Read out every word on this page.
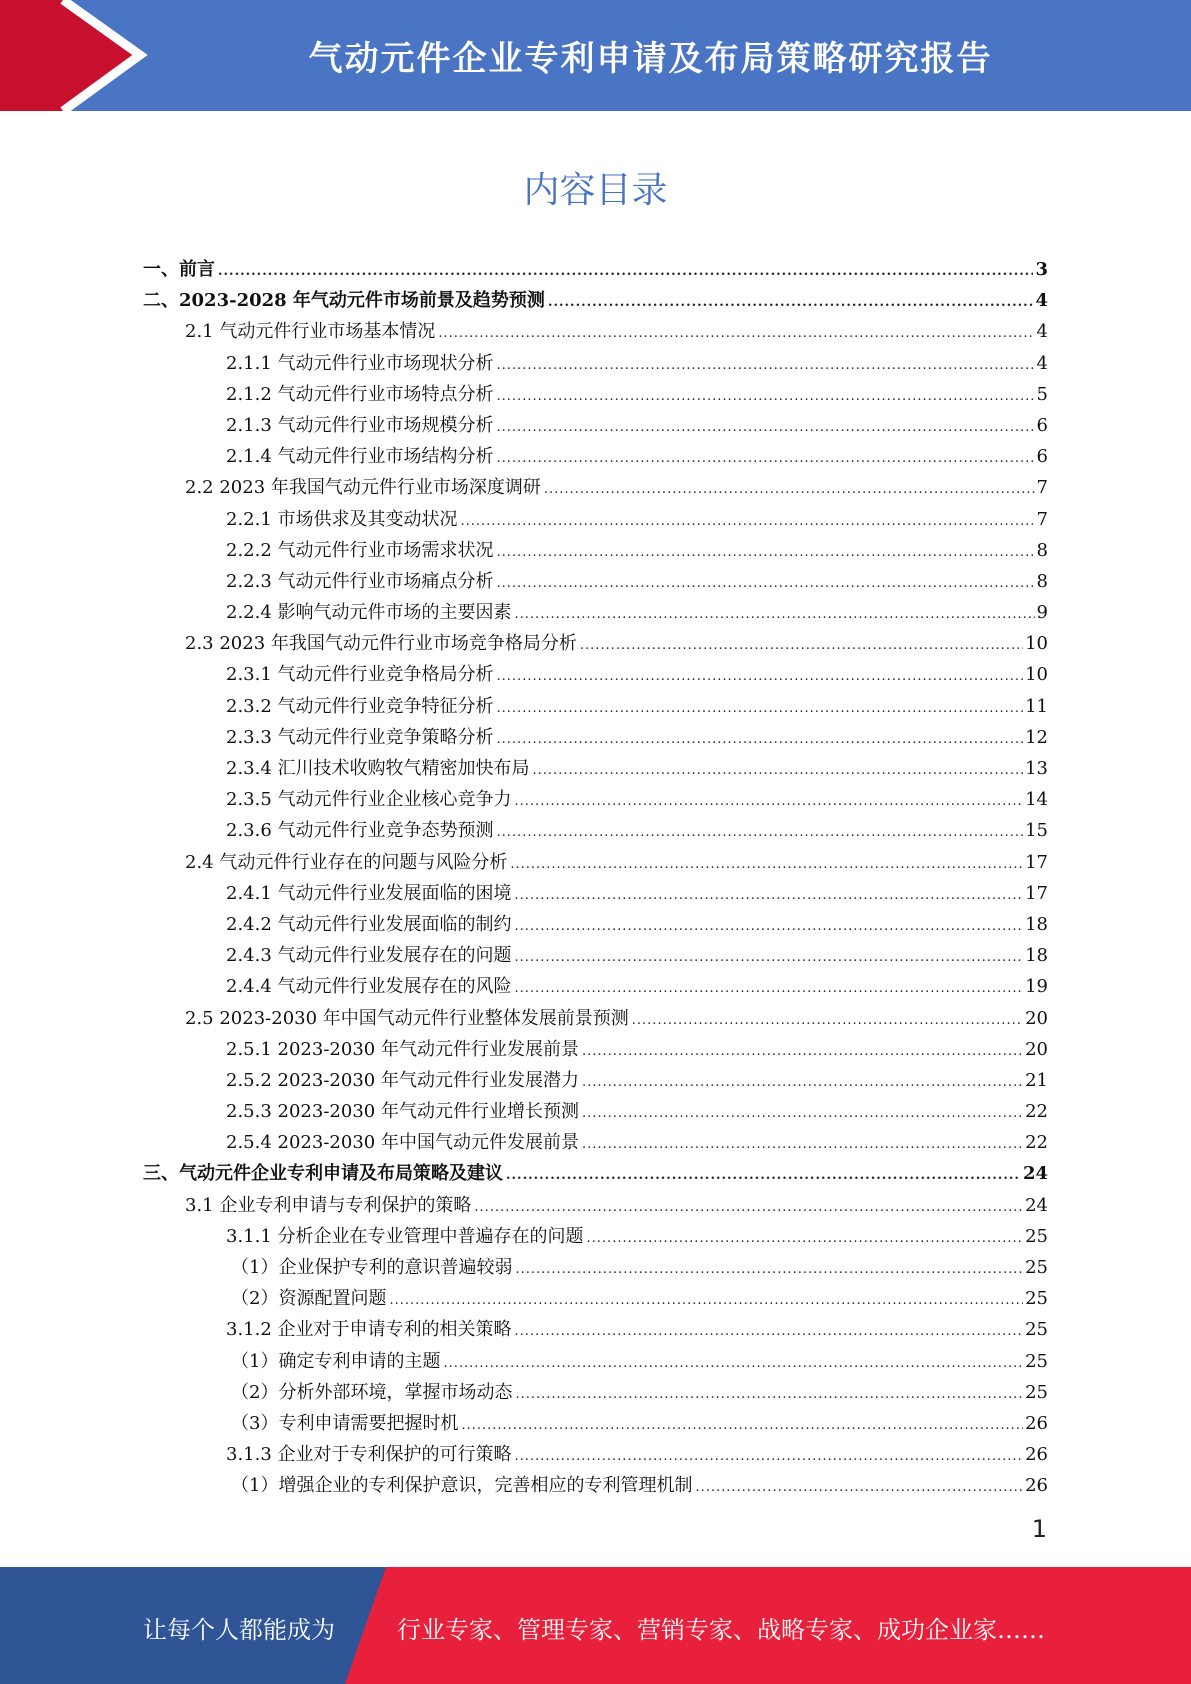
气动元件企业专利申请及布局策略研究报告
内容目录
一、前言 .....	3
二、2023-2028 年气动元件市场前景及趋势预测 .....	4
2.1 气动元件行业市场基本情况 .....	4
2.1.1 气动元件行业市场现状分析 .....	4
2.1.2 气动元件行业市场特点分析 .....	5
2.1.3 气动元件行业市场规模分析 .....	6
2.1.4 气动元件行业市场结构分析 .....	6
2.2 2023 年我国气动元件行业市场深度调研 .....	7
2.2.1 市场供求及其变动状况 .....	7
2.2.2 气动元件行业市场需求状况 .....	8
2.2.3 气动元件行业市场痛点分析 .....	8
2.2.4 影响气动元件市场的主要因素 .....	9
2.3 2023 年我国气动元件行业市场竞争格局分析 .....	10
2.3.1 气动元件行业竞争格局分析 .....	10
2.3.2 气动元件行业竞争特征分析 .....	11
2.3.3 气动元件行业竞争策略分析 .....	12
2.3.4 汇川技术收购牧气精密加快布局 .....	13
2.3.5 气动元件行业企业核心竞争力 .....	14
2.3.6 气动元件行业竞争态势预测 .....	15
2.4 气动元件行业存在的问题与风险分析 .....	17
2.4.1 气动元件行业发展面临的困境 .....	17
2.4.2 气动元件行业发展面临的制约 .....	18
2.4.3 气动元件行业发展存在的问题 .....	18
2.4.4 气动元件行业发展存在的风险 .....	19
2.5 2023-2030 年中国气动元件行业整体发展前景预测 .....	20
2.5.1 2023-2030 年气动元件行业发展前景 .....	20
2.5.2 2023-2030 年气动元件行业发展潜力 .....	21
2.5.3 2023-2030 年气动元件行业增长预测 .....	22
2.5.4 2023-2030 年中国气动元件发展前景 .....	22
三、气动元件企业专利申请及布局策略及建议 .....	24
3.1 企业专利申请与专利保护的策略 .....	24
3.1.1 分析企业在专业管理中普遍存在的问题 .....	25
（1）企业保护专利的意识普遍较弱 .....	25
（2）资源配置问题 .....	25
3.1.2 企业对于申请专利的相关策略 .....	25
（1）确定专利申请的主题 .....	25
（2）分析外部环境，掌握市场动态 .....	25
（3）专利申请需要把握时机 .....	26
3.1.3 企业对于专利保护的可行策略 .....	26
（1）增强企业的专利保护意识，完善相应的专利管理机制 .....	26
1
让每个人都能成为	行业专家、管理专家、营销专家、战略专家、成功企业家……
